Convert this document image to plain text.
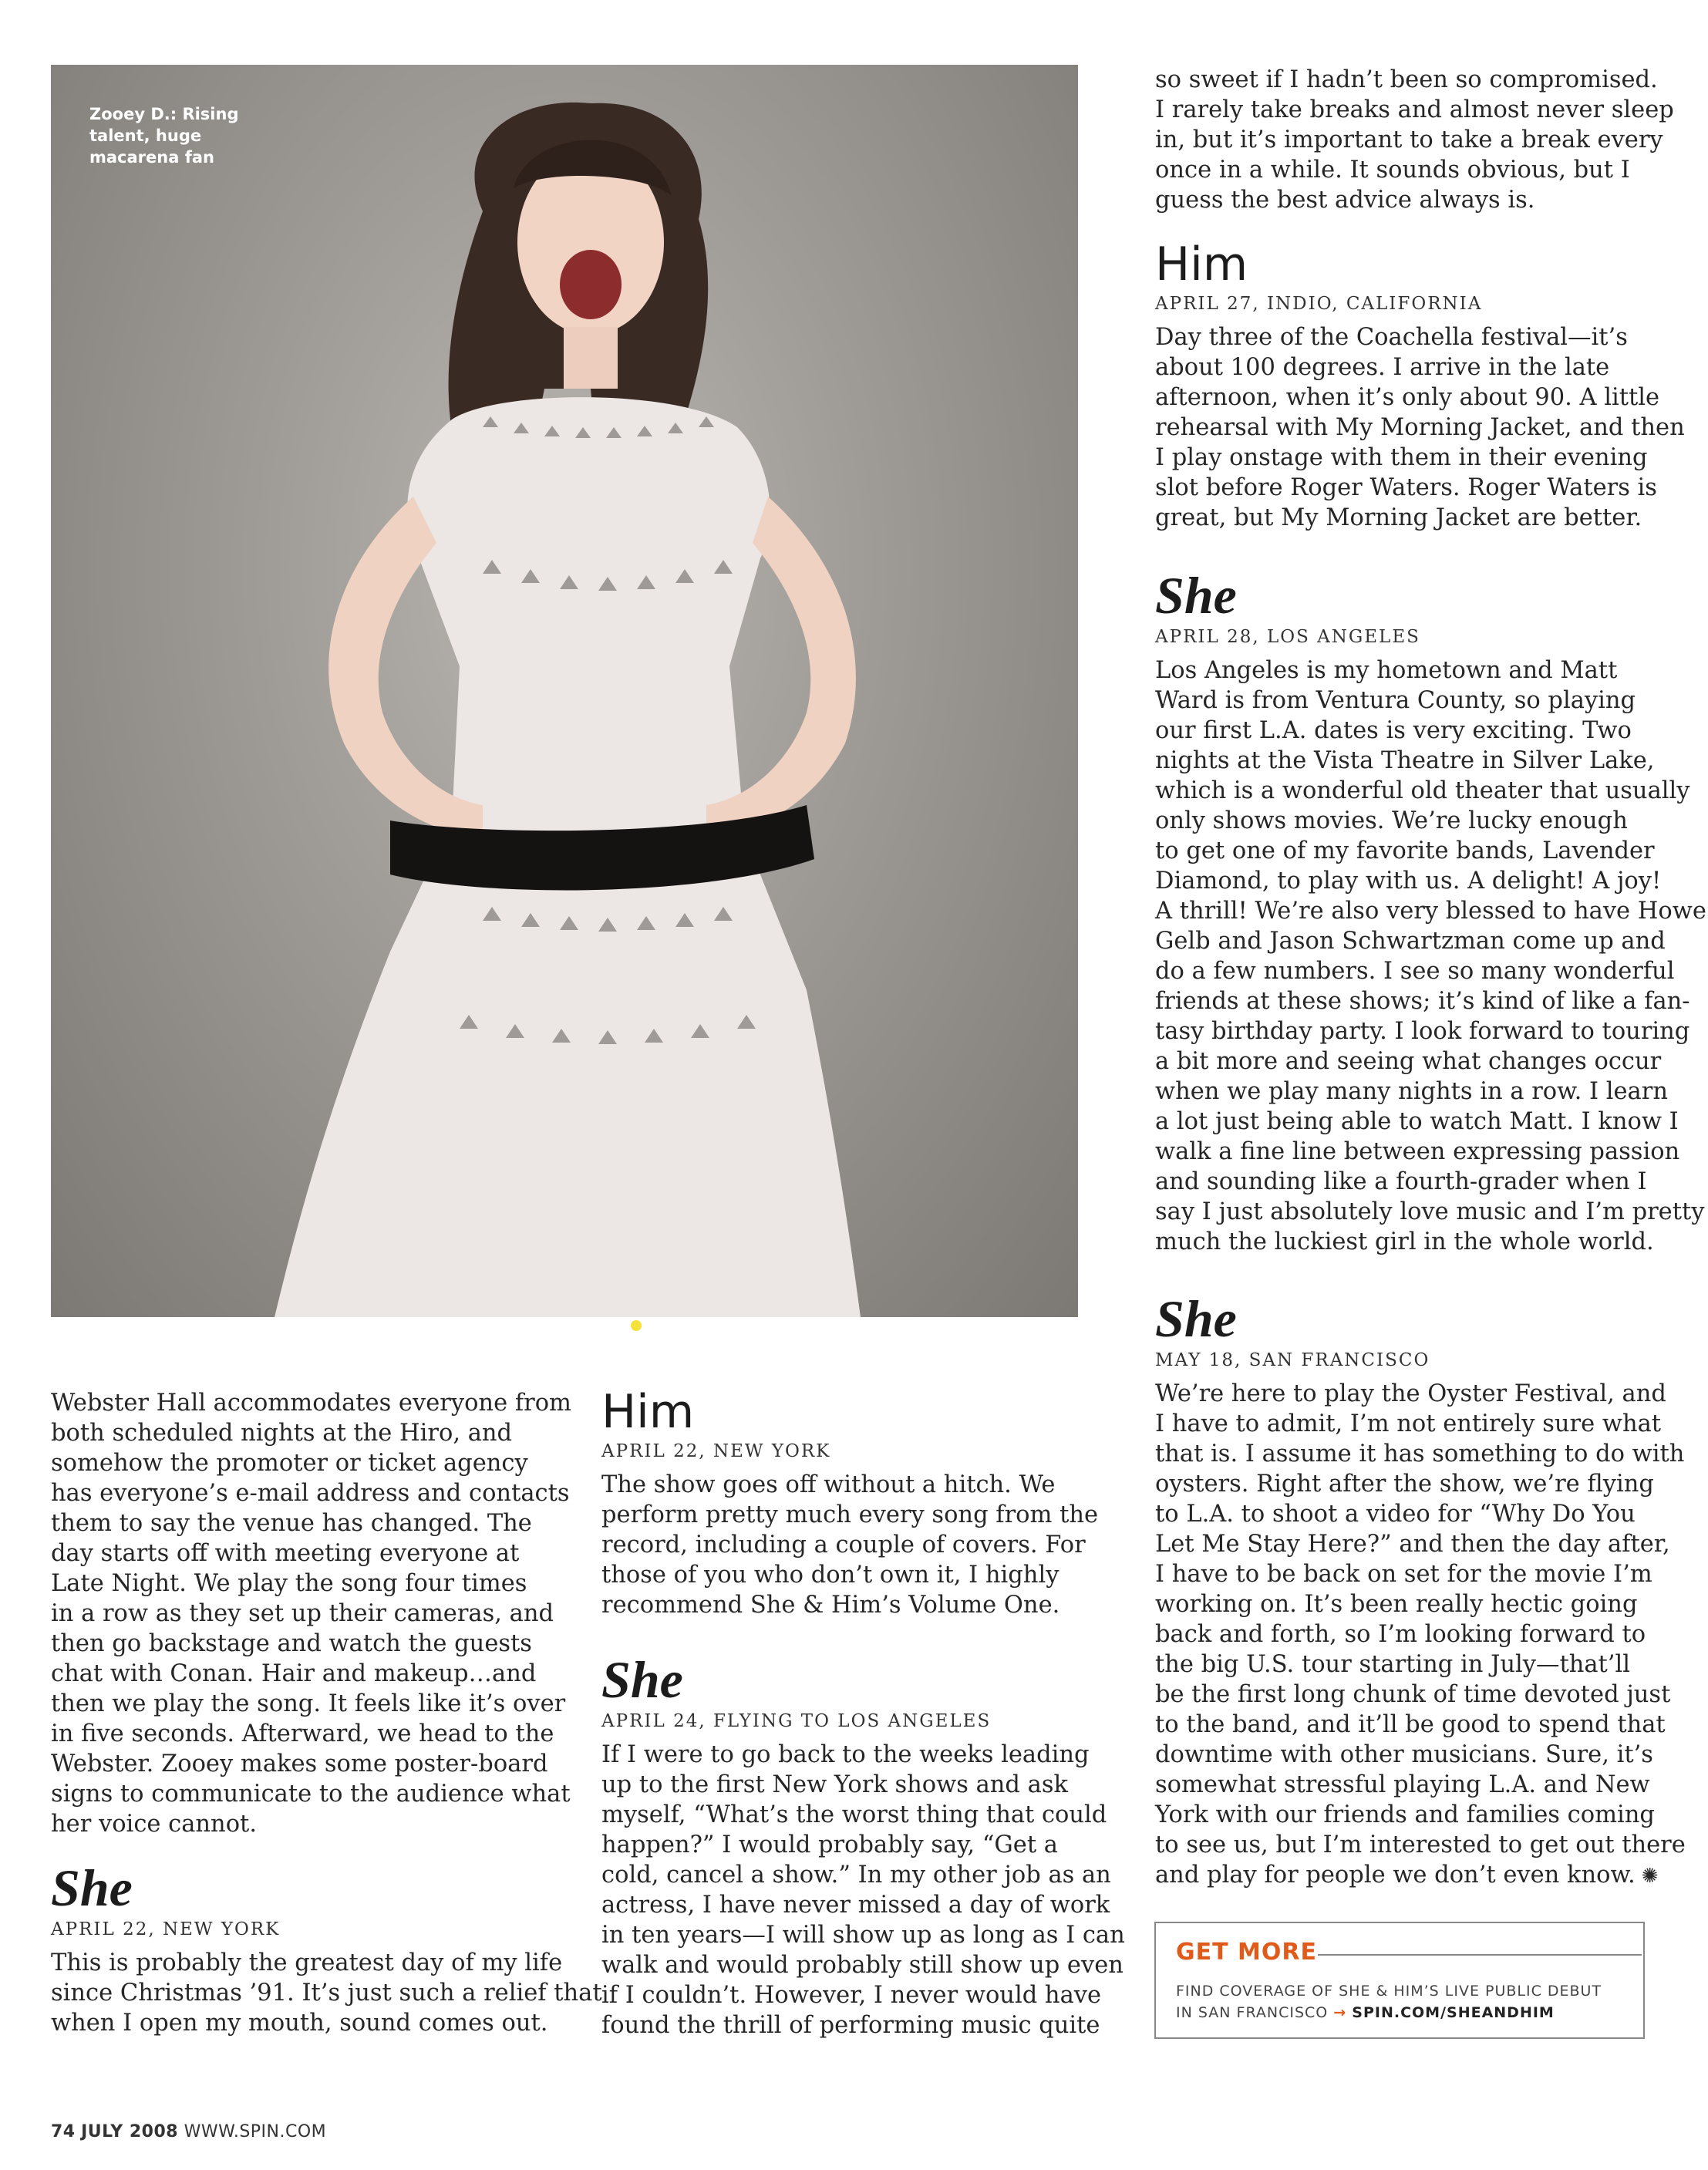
Zooey D.: Rising
talent, huge
macarena fan

Webster Hall accommodates everyone from
both scheduled nights at the Hiro, and
somehow the promoter or ticket agency
has everyone’s e-mail address and contacts
them to say the venue has changed. The
day starts off with meeting everyone at
Late Night. We play the song four times
in a row as they set up their cameras, and
then go backstage and watch the guests
chat with Conan. Hair and makeup…and
then we play the song. It feels like it’s over
in five seconds. Afterward, we head to the
Webster. Zooey makes some poster-board
signs to communicate to the audience what
her voice cannot.

She
APRIL 22, NEW YORK

This is probably the greatest day of my life
since Christmas ’91. It’s just such a relief that
when I open my mouth, sound comes out.

Him
APRIL 22, NEW YORK

The show goes off without a hitch. We
perform pretty much every song from the
record, including a couple of covers. For
those of you who don’t own it, I highly
recommend She & Him’s Volume One.

She
APRIL 24, FLYING TO LOS ANGELES

If I were to go back to the weeks leading
up to the first New York shows and ask
myself, “What’s the worst thing that could
happen?” I would probably say, “Get a
cold, cancel a show.” In my other job as an
actress, I have never missed a day of work
in ten years—I will show up as long as I can
walk and would probably still show up even
if I couldn’t. However, I never would have
found the thrill of performing music quite

so sweet if I hadn’t been so compromised.
I rarely take breaks and almost never sleep
in, but it’s important to take a break every
once in a while. It sounds obvious, but I
guess the best advice always is.

Him
APRIL 27, INDIO, CALIFORNIA

Day three of the Coachella festival—it’s
about 100 degrees. I arrive in the late
afternoon, when it’s only about 90. A little
rehearsal with My Morning Jacket, and then
I play onstage with them in their evening
slot before Roger Waters. Roger Waters is
great, but My Morning Jacket are better.

She
APRIL 28, LOS ANGELES

Los Angeles is my hometown and Matt
Ward is from Ventura County, so playing
our first L.A. dates is very exciting. Two
nights at the Vista Theatre in Silver Lake,
which is a wonderful old theater that usually
only shows movies. We’re lucky enough
to get one of my favorite bands, Lavender
Diamond, to play with us. A delight! A joy!
A thrill! We’re also very blessed to have Howe
Gelb and Jason Schwartzman come up and
do a few numbers. I see so many wonderful
friends at these shows; it’s kind of like a fan-
tasy birthday party. I look forward to touring
a bit more and seeing what changes occur
when we play many nights in a row. I learn
a lot just being able to watch Matt. I know I
walk a fine line between expressing passion
and sounding like a fourth-grader when I
say I just absolutely love music and I’m pretty
much the luckiest girl in the whole world.

She
MAY 18, SAN FRANCISCO

We’re here to play the Oyster Festival, and
I have to admit, I’m not entirely sure what
that is. I assume it has something to do with
oysters. Right after the show, we’re flying
to L.A. to shoot a video for “Why Do You
Let Me Stay Here?” and then the day after,
I have to be back on set for the movie I’m
working on. It’s been really hectic going
back and forth, so I’m looking forward to
the big U.S. tour starting in July—that’ll
be the first long chunk of time devoted just
to the band, and it’ll be good to spend that
downtime with other musicians. Sure, it’s
somewhat stressful playing L.A. and New
York with our friends and families coming
to see us, but I’m interested to get out there
and play for people we don’t even know. ✺

GET MORE
FIND COVERAGE OF SHE & HIM’S LIVE PUBLIC DEBUT
IN SAN FRANCISCO → SPIN.COM/SHEANDHIM
74 JULY 2008 WWW.SPIN.COM
